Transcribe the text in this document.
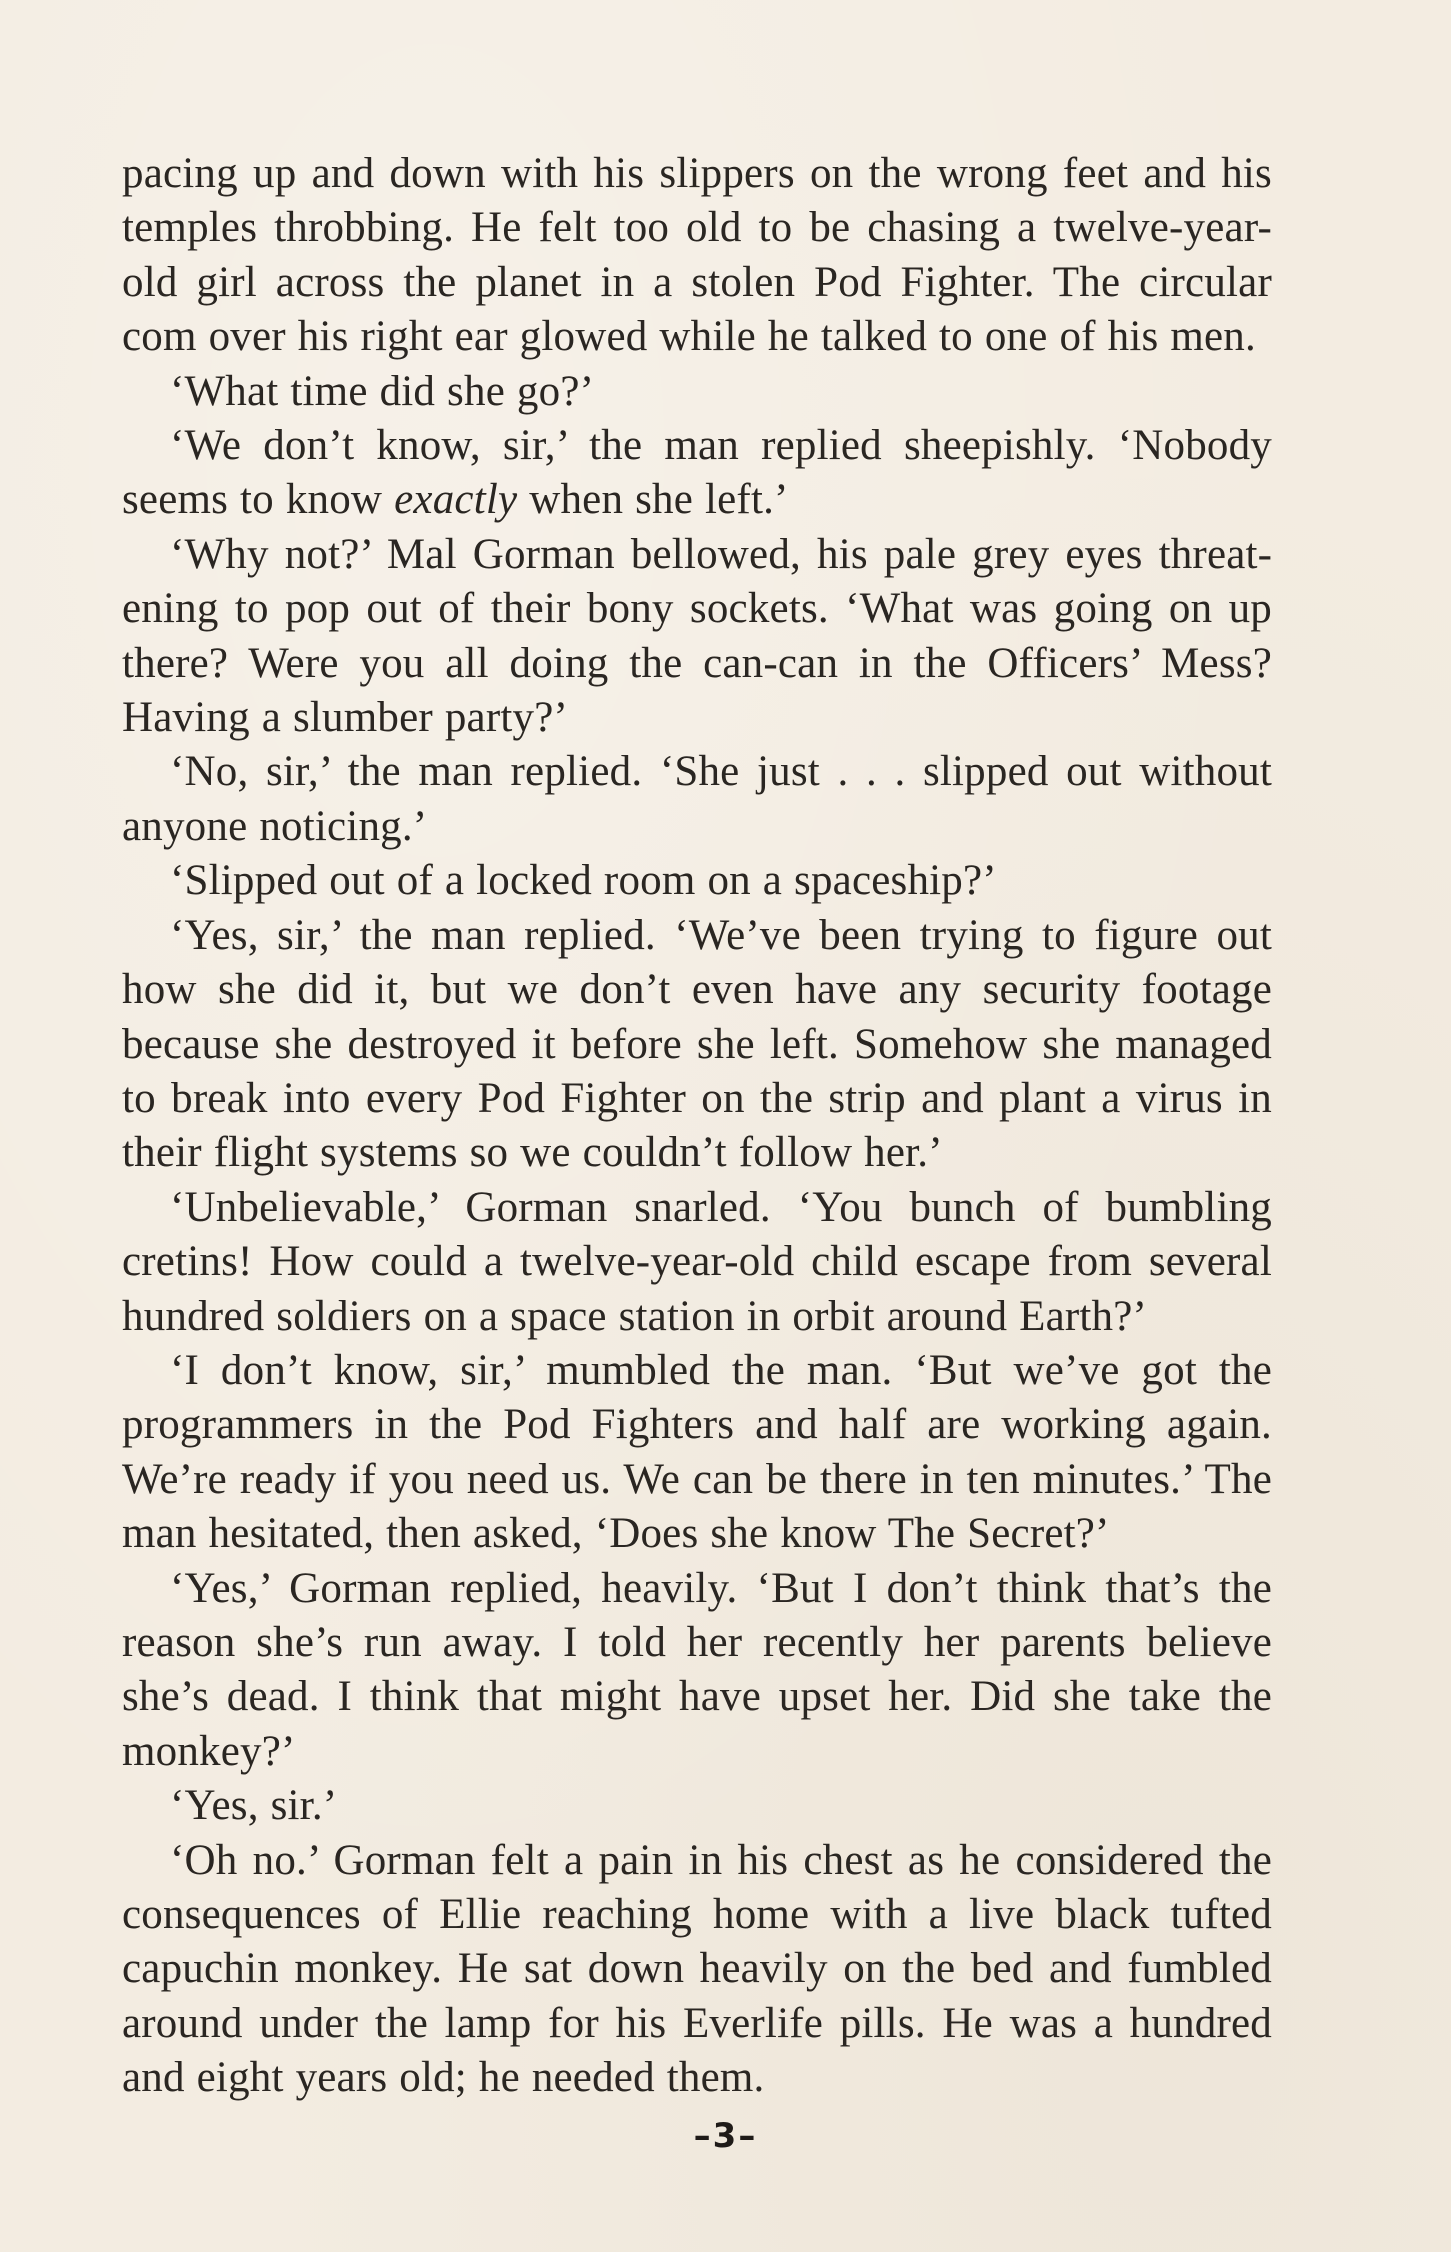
pacing up and down with his slippers on the wrong feet and his temples throbbing. He felt too old to be chasing a twelve-year-old girl across the planet in a stolen Pod Fighter. The circular com over his right ear glowed while he talked to one of his men.

‘What time did she go?’

‘We don’t know, sir,’ the man replied sheepishly. ‘Nobody seems to know exactly when she left.’

‘Why not?’ Mal Gorman bellowed, his pale grey eyes threatening to pop out of their bony sockets. ‘What was going on up there? Were you all doing the can-can in the Officers’ Mess? Having a slumber party?’

‘No, sir,’ the man replied. ‘She just . . . slipped out without anyone noticing.’

‘Slipped out of a locked room on a spaceship?’

‘Yes, sir,’ the man replied. ‘We’ve been trying to figure out how she did it, but we don’t even have any security footage because she destroyed it before she left. Somehow she managed to break into every Pod Fighter on the strip and plant a virus in their flight systems so we couldn’t follow her.’

‘Unbelievable,’ Gorman snarled. ‘You bunch of bumbling cretins! How could a twelve-year-old child escape from several hundred soldiers on a space station in orbit around Earth?’

‘I don’t know, sir,’ mumbled the man. ‘But we’ve got the programmers in the Pod Fighters and half are working again. We’re ready if you need us. We can be there in ten minutes.’ The man hesitated, then asked, ‘Does she know The Secret?’

‘Yes,’ Gorman replied, heavily. ‘But I don’t think that’s the reason she’s run away. I told her recently her parents believe she’s dead. I think that might have upset her. Did she take the monkey?’

‘Yes, sir.’

‘Oh no.’ Gorman felt a pain in his chest as he considered the consequences of Ellie reaching home with a live black tufted capuchin monkey. He sat down heavily on the bed and fumbled around under the lamp for his Everlife pills. He was a hundred and eight years old; he needed them.

–3–
